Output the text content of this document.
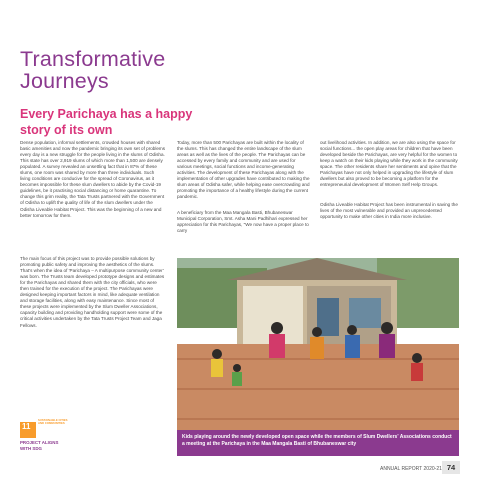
Transformative
Journeys
Every Parichaya has a happy
story of its own

Dense population, informal settlements, crowded houses with shared basic amenities and now the pandemic bringing its own set of problems every day is a new struggle for the people living in the slums of Odisha. This state has over 2,919 slums of which more than 1,500 are densely populated. A survey revealed an unsettling fact that in 87% of these slums, one room was shared by more than three individuals. Such living conditions are conducive for the spread of Coronavirus, as it becomes impossible for these slum dwellers to abide by the Covid-19 guidelines, be it practising social distancing or home quarantine. To change this grim reality, the Tata Trusts partnered with the Government of Odisha to uplift the quality of life of the slum dwellers under the Odisha Liveable Habitat Project. This was the beginning of a new and better tomorrow for them.

The main focus of this project was to provide possible solutions by promoting public safety and improving the aesthetics of the slums. That's when the idea of 'Parichaya – A multipurpose community center' was born. The Trusts team developed prototype designs and estimates for the Parichayas and shared them with the city officials, who were then trained for the execution of the project. The Parichayas were designed keeping important factors in mind, like adequate ventilation and storage facilities, along with easy maintenance. Since most of these projects were implemented by the Slum Dweller Associations, capacity building and providing handholding support were some of the critical activities undertaken by the Tata Trusts Project Team and Jaga Fellows.

Today, more than 500 Parichayas are built within the locality of the slums. This has changed the entire landscape of the slum areas as well as the lives of the people. The Parichayas can be accessed by every family and community and are used for various meetings, social functions and income-generating activities. The development of these Parichayas along with the implementation of other upgrades have contributed to making the slum areas of Odisha safer, while helping ease overcrowding and promoting the importance of a healthy lifestyle during the current pandemic.

A beneficiary from the Maa Mangala Basti, Bhubaneswar Municipal Corporation, Smt. Asha Mani Padhihari expressed her appreciation for this Parichayas, "We now have a proper place to carry

out livelihood activities. In addition, we are also using the space for social functions... the open play areas for children that have been developed beside the Parichayas, are very helpful for the women to keep a watch on their kids playing while they work in the community space. The other residents share her sentiments and opine that the Parichayas have not only helped in upgrading the lifestyle of slum dwellers but also proved to be becoming a platform for the entrepreneurial development of Women Self Help Groups.

Odisha Liveable Habitat Project has been instrumental in saving the lives of the most vulnerable and provided an unprecedented opportunity to make other cities in India more inclusive.

Kids playing around the newly developed open space while the members of Slum Dwellers' Associations conduct a meeting at the Parichaya in the Maa Mangala Basti of Bhubaneswar city

11
SUSTAINABLE CITIES AND COMMUNITIES
PROJECT ALIGNS
WITH SDG
ANNUAL REPORT 2020-21 74
